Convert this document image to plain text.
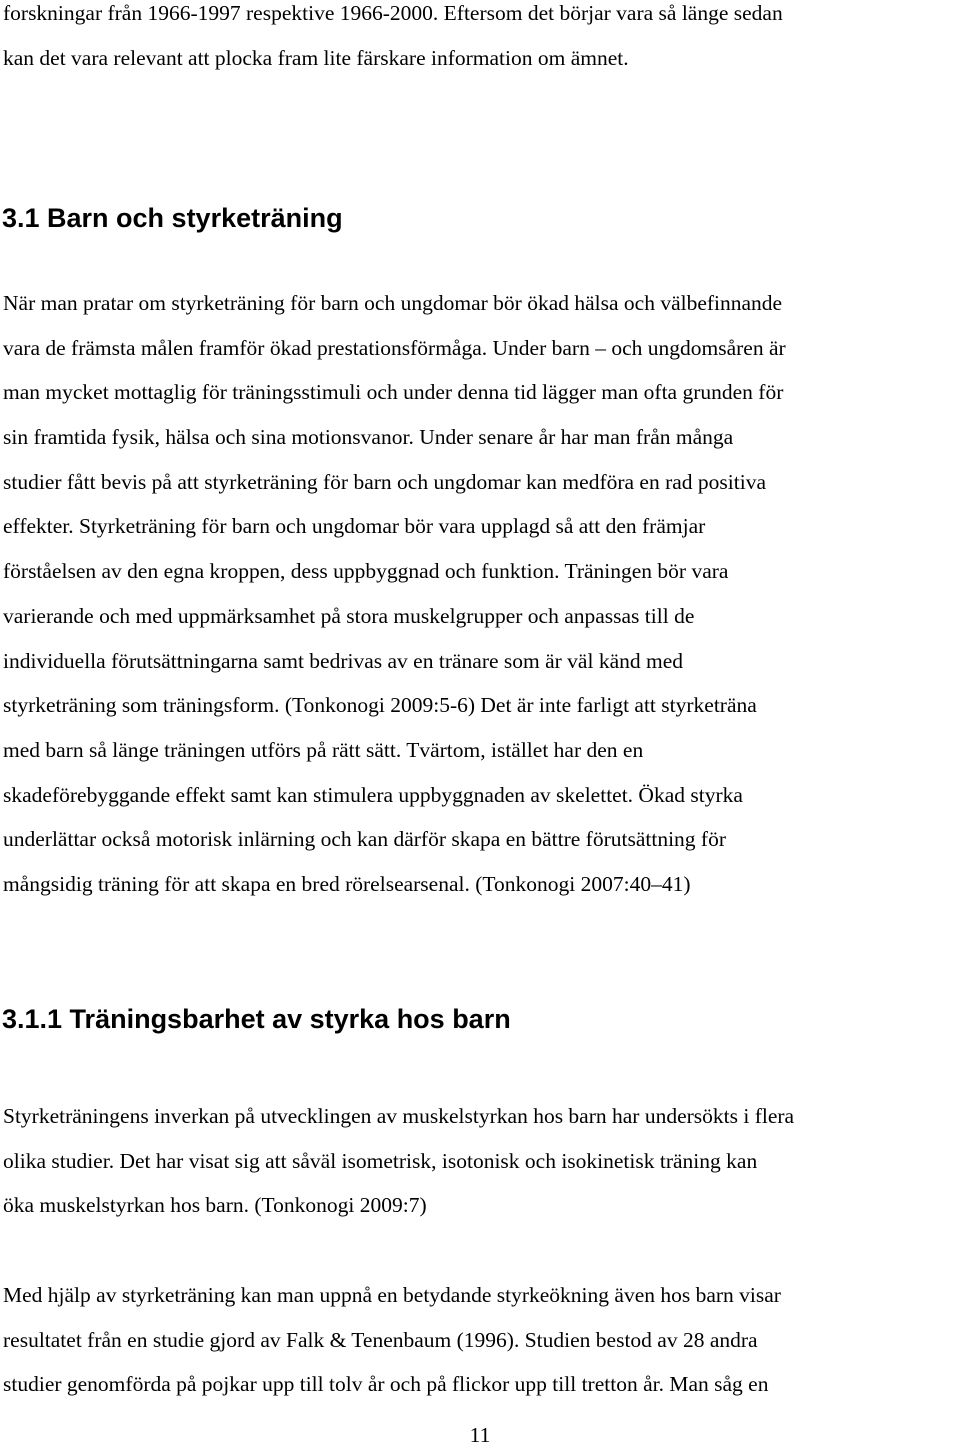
forskningar från 1966-1997 respektive 1966-2000. Eftersom det börjar vara så länge sedan
kan det vara relevant att plocka fram lite färskare information om ämnet.
3.1 Barn och styrketräning
När man pratar om styrketräning för barn och ungdomar bör ökad hälsa och välbefinnande
vara de främsta målen framför ökad prestationsförmåga. Under barn – och ungdomsåren är
man mycket mottaglig för träningsstimuli och under denna tid lägger man ofta grunden för
sin framtida fysik, hälsa och sina motionsvanor. Under senare år har man från många
studier fått bevis på att styrketräning för barn och ungdomar kan medföra en rad positiva
effekter. Styrketräning för barn och ungdomar bör vara upplagd så att den främjar
förståelsen av den egna kroppen, dess uppbyggnad och funktion. Träningen bör vara
varierande och med uppmärksamhet på stora muskelgrupper och anpassas till de
individuella förutsättningarna samt bedrivas av en tränare som är väl känd med
styrketräning som träningsform. (Tonkonogi 2009:5-6) Det är inte farligt att styrketräna
med barn så länge träningen utförs på rätt sätt. Tvärtom, istället har den en
skadeförebyggande effekt samt kan stimulera uppbyggnaden av skelettet. Ökad styrka
underlättar också motorisk inlärning och kan därför skapa en bättre förutsättning för
mångsidig träning för att skapa en bred rörelsearsenal. (Tonkonogi 2007:40–41)
3.1.1 Träningsbarhet av styrka hos barn
Styrketräningens inverkan på utvecklingen av muskelstyrkan hos barn har undersökts i flera
olika studier. Det har visat sig att såväl isometrisk, isotonisk och isokinetisk träning kan
öka muskelstyrkan hos barn. (Tonkonogi 2009:7)
Med hjälp av styrketräning kan man uppnå en betydande styrkeökning även hos barn visar
resultatet från en studie gjord av Falk & Tenenbaum (1996). Studien bestod av 28 andra
studier genomförda på pojkar upp till tolv år och på flickor upp till tretton år. Man såg en
11
